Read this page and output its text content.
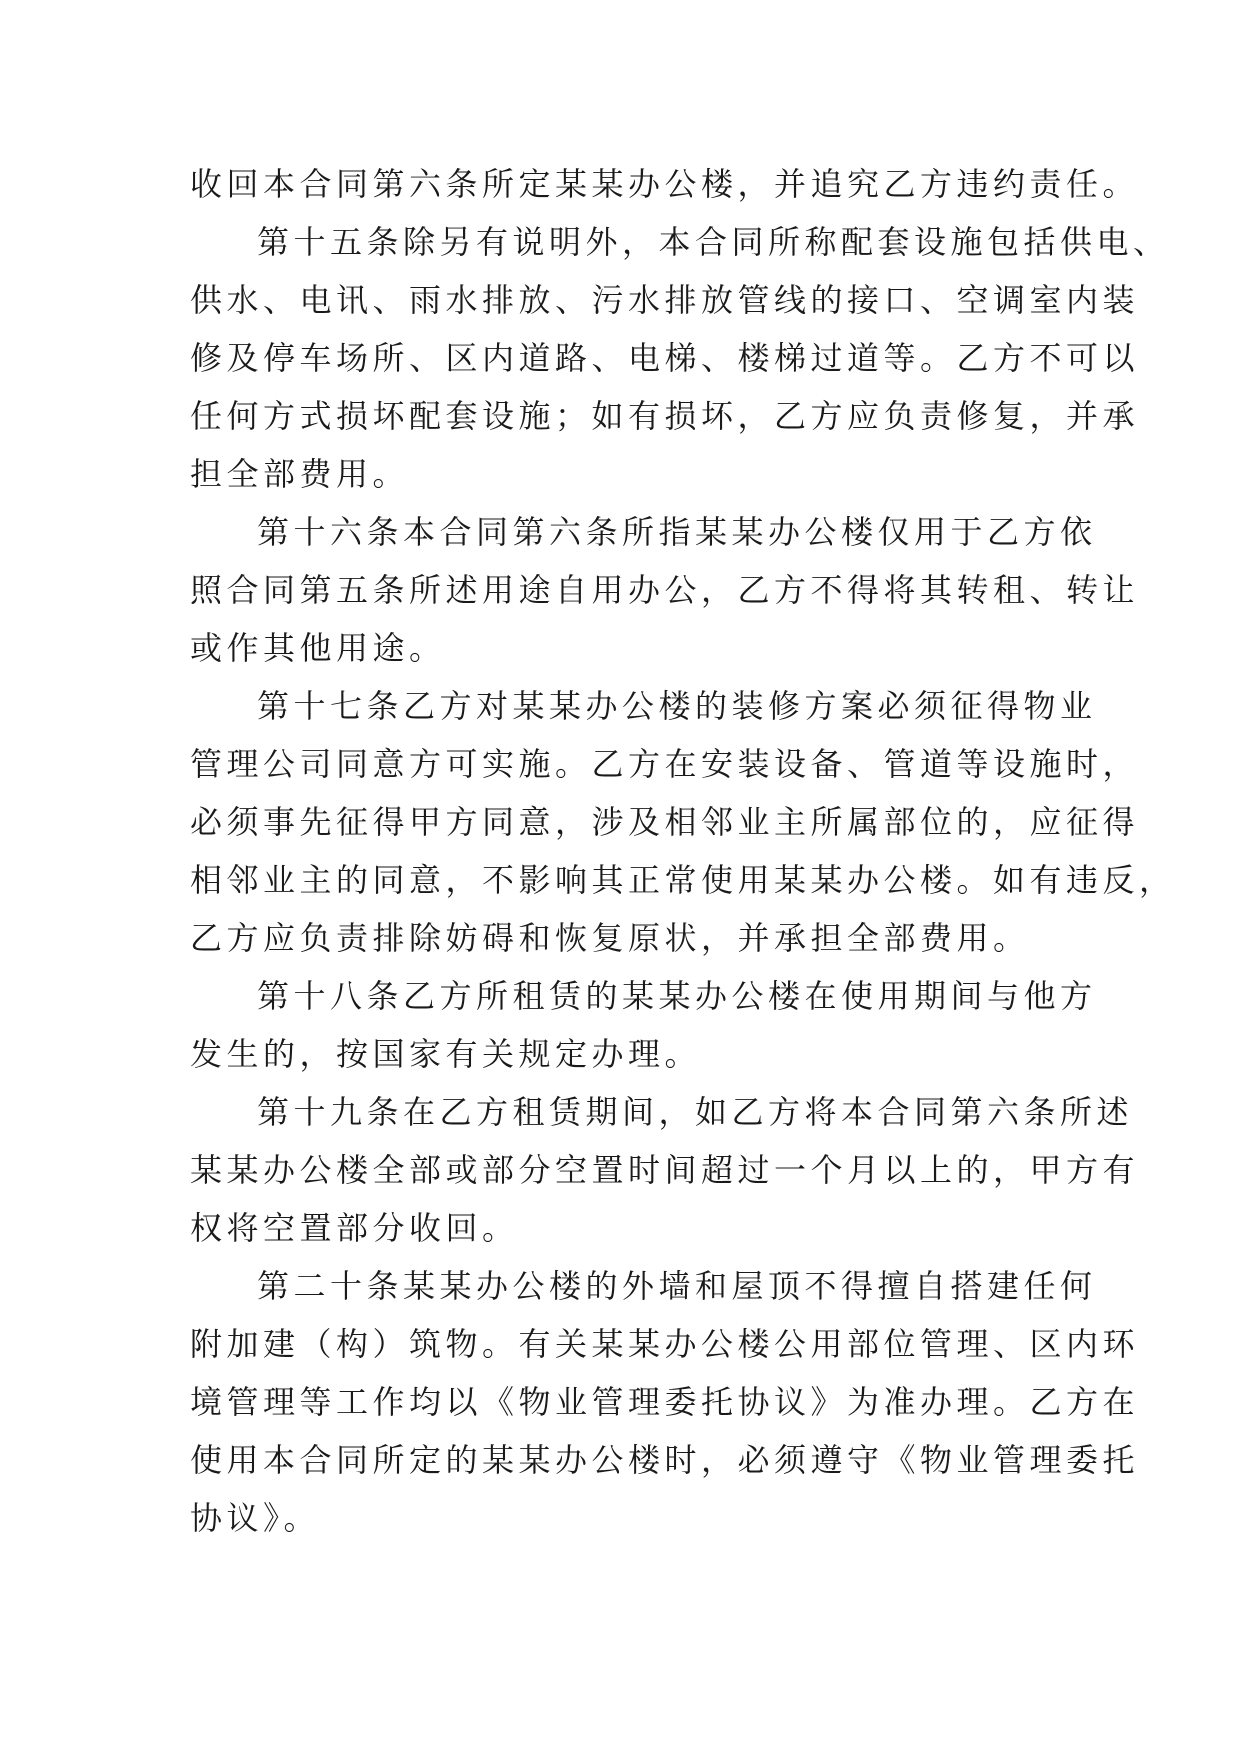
收回本合同第六条所定某某办公楼，并追究乙方违约责任。
第十五条除另有说明外，本合同所称配套设施包括供电、
供水、电讯、雨水排放、污水排放管线的接口、空调室内装
修及停车场所、区内道路、电梯、楼梯过道等。乙方不可以
任何方式损坏配套设施；如有损坏，乙方应负责修复，并承
担全部费用。
第十六条本合同第六条所指某某办公楼仅用于乙方依
照合同第五条所述用途自用办公，乙方不得将其转租、转让
或作其他用途。
第十七条乙方对某某办公楼的装修方案必须征得物业
管理公司同意方可实施。乙方在安装设备、管道等设施时，
必须事先征得甲方同意，涉及相邻业主所属部位的，应征得
相邻业主的同意，不影响其正常使用某某办公楼。如有违反，
乙方应负责排除妨碍和恢复原状，并承担全部费用。
第十八条乙方所租赁的某某办公楼在使用期间与他方
发生的，按国家有关规定办理。
第十九条在乙方租赁期间，如乙方将本合同第六条所述
某某办公楼全部或部分空置时间超过一个月以上的，甲方有
权将空置部分收回。
第二十条某某办公楼的外墙和屋顶不得擅自搭建任何
附加建（构）筑物。有关某某办公楼公用部位管理、区内环
境管理等工作均以《物业管理委托协议》为准办理。乙方在
使用本合同所定的某某办公楼时，必须遵守《物业管理委托
协议》。
